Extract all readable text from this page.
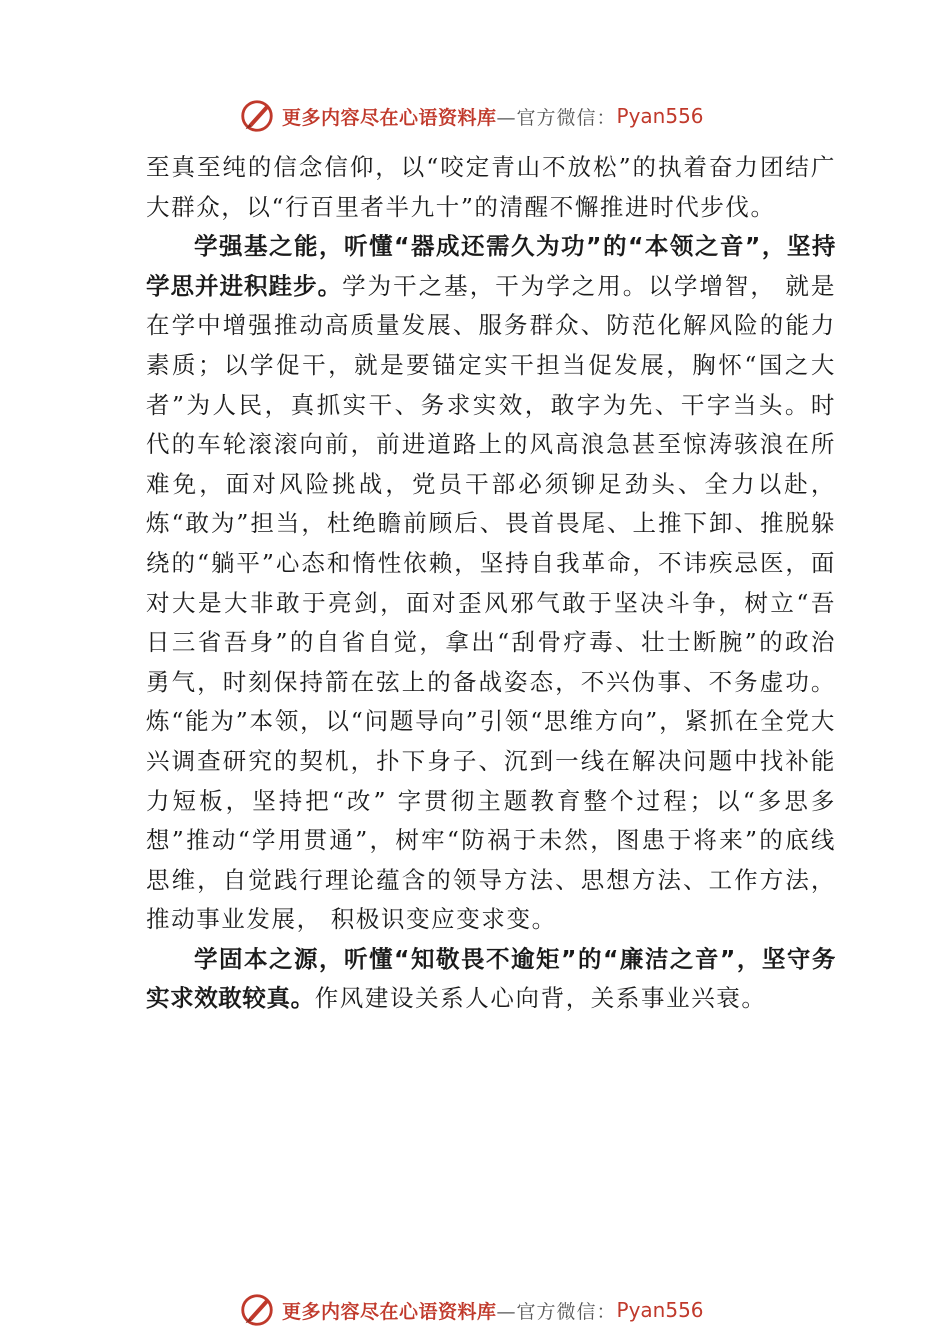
更多内容尽在心语资料库 —官方微信： Pyan556

至真至纯的信念信仰，以“咬定青山不放松”的执着奋力团结广大群众，以“行百里者半九十”的清醒不懈推进时代步伐。

学强基之能，听懂“器成还需久为功”的“本领之音”，坚持学思并进积跬步。学为干之基，干为学之用。以学增智， 就是在学中增强推动高质量发展、服务群众、防范化解风险的能力素质；以学促干，就是要锚定实干担当促发展，胸怀“国之大者”为人民，真抓实干、务求实效，敢字为先、干字当头。时代的车轮滚滚向前，前进道路上的风高浪急甚至惊涛骇浪在所难免，面对风险挑战，党员干部必须铆足劲头、全力以赴，炼“敢为”担当，杜绝瞻前顾后、畏首畏尾、上推下卸、推脱躲绕的“躺平”心态和惰性依赖，坚持自我革命，不讳疾忌医，面对大是大非敢于亮剑，面对歪风邪气敢于坚决斗争，树立“吾日三省吾身”的自省自觉，拿出“刮骨疗毒、壮士断腕”的政治勇气，时刻保持箭在弦上的备战姿态，不兴伪事、不务虚功。炼“能为”本领，以“问题导向”引领“思维方向”，紧抓在全党大兴调查研究的契机，扑下身子、沉到一线在解决问题中找补能力短板，坚持把“改” 字贯彻主题教育整个过程；以“多思多想”推动“学用贯通”，树牢“防祸于未然，图患于将来”的底线思维，自觉践行理论蕴含的领导方法、思想方法、工作方法，推动事业发展， 积极识变应变求变。

学固本之源，听懂“知敬畏不逾矩”的“廉洁之音”，坚守务实求效敢较真。作风建设关系人心向背，关系事业兴衰。

更多内容尽在心语资料库 —官方微信： Pyan556
